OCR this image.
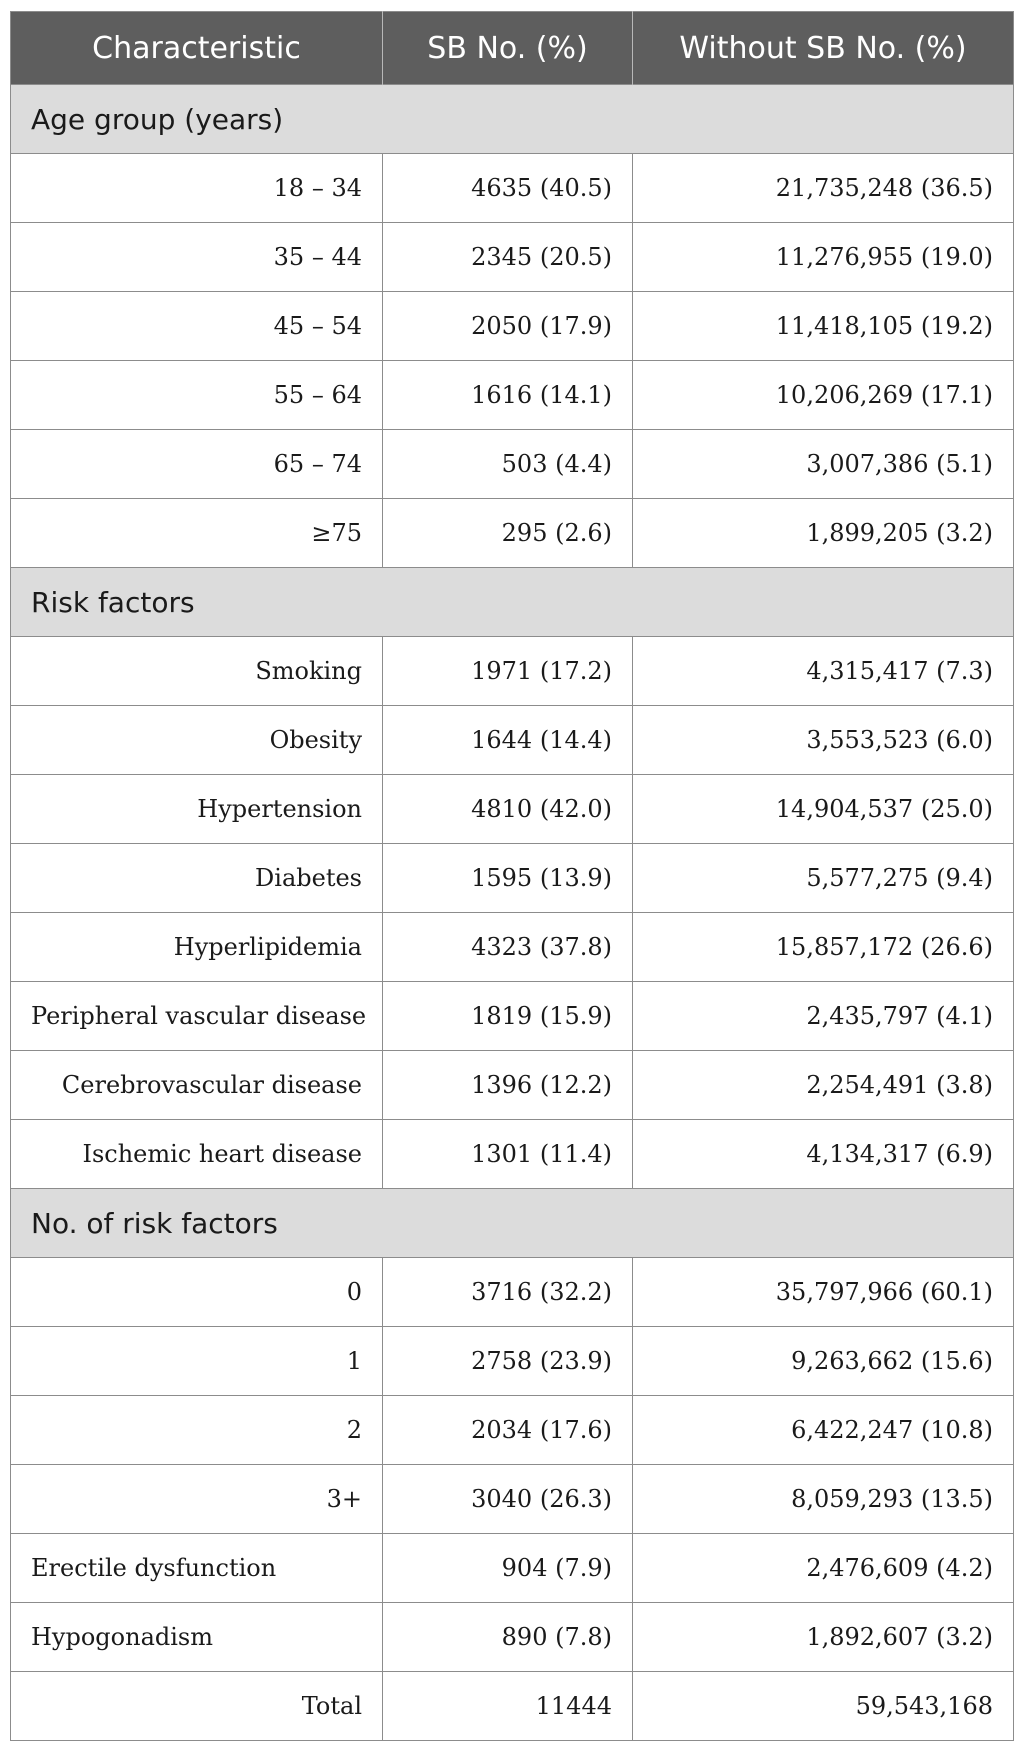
Characteristic	SB No. (%)	Without SB No. (%)
Age group (years)		
18 – 34	4635 (40.5)	21,735,248 (36.5)
35 – 44	2345 (20.5)	11,276,955 (19.0)
45 – 54	2050 (17.9)	11,418,105 (19.2)
55 – 64	1616 (14.1)	10,206,269 (17.1)
65 – 74	503 (4.4)	3,007,386 (5.1)
≥75	295 (2.6)	1,899,205 (3.2)
Risk factors		
Smoking	1971 (17.2)	4,315,417 (7.3)
Obesity	1644 (14.4)	3,553,523 (6.0)
Hypertension	4810 (42.0)	14,904,537 (25.0)
Diabetes	1595 (13.9)	5,577,275 (9.4)
Hyperlipidemia	4323 (37.8)	15,857,172 (26.6)
Peripheral vascular disease	1819 (15.9)	2,435,797 (4.1)
Cerebrovascular disease	1396 (12.2)	2,254,491 (3.8)
Ischemic heart disease	1301 (11.4)	4,134,317 (6.9)
No. of risk factors		
0	3716 (32.2)	35,797,966 (60.1)
1	2758 (23.9)	9,263,662 (15.6)
2	2034 (17.6)	6,422,247 (10.8)
3+	3040 (26.3)	8,059,293 (13.5)
Erectile dysfunction	904 (7.9)	2,476,609 (4.2)
Hypogonadism	890 (7.8)	1,892,607 (3.2)
Total	11444	59,543,168
